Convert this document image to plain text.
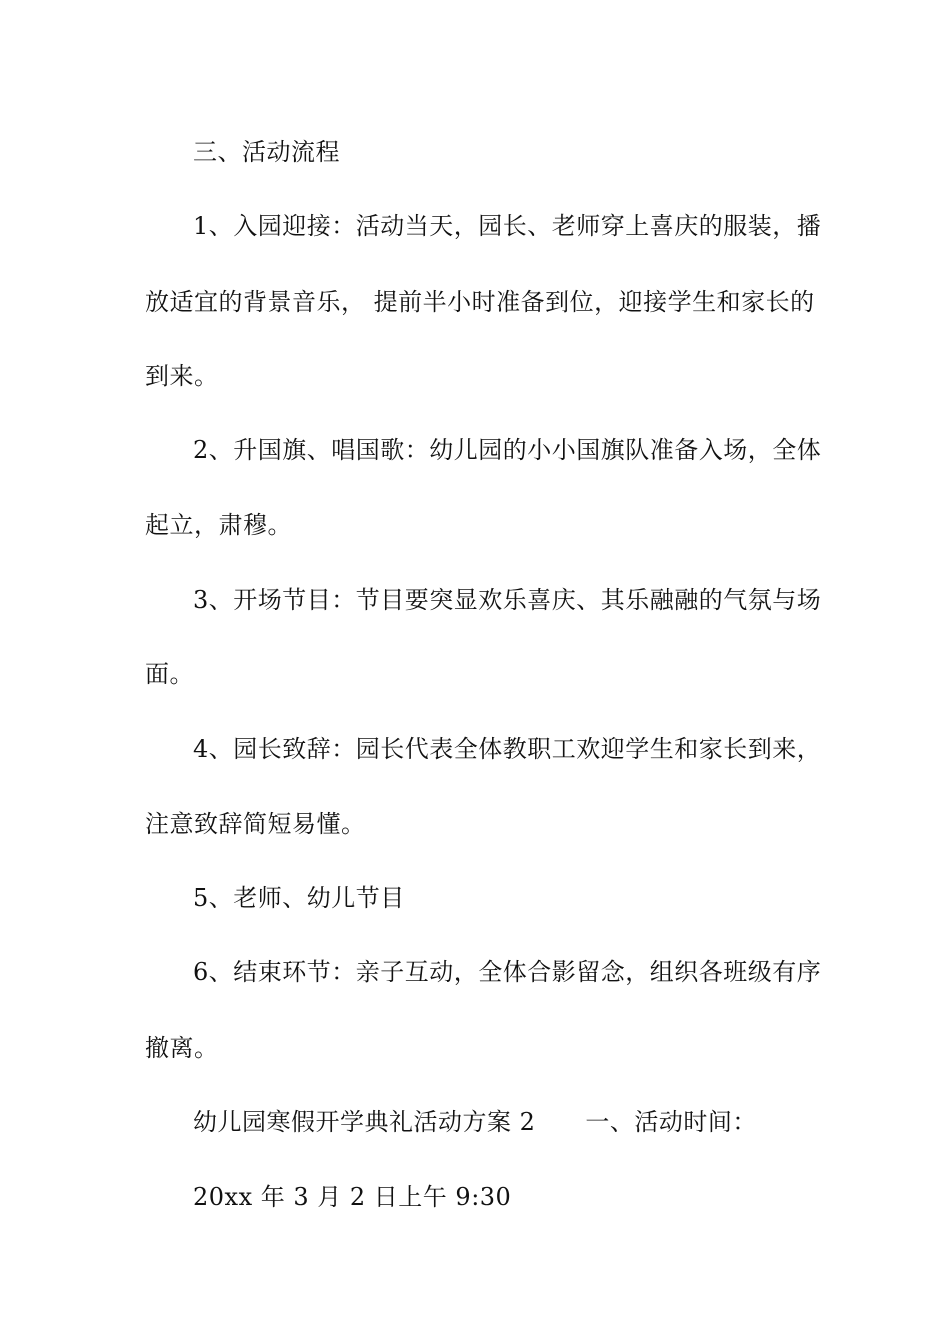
三、活动流程
1、入园迎接：活动当天，园长、老师穿上喜庆的服装，播
放适宜的背景音乐， 提前半小时准备到位，迎接学生和家长的
到来。
2、升国旗、唱国歌：幼儿园的小小国旗队准备入场，全体
起立，肃穆。
3、开场节目：节目要突显欢乐喜庆、其乐融融的气氛与场
面。
4、园长致辞：园长代表全体教职工欢迎学生和家长到来，
注意致辞简短易懂。
5、老师、幼儿节目
6、结束环节：亲子互动，全体合影留念，组织各班级有序
撤离。
幼儿园寒假开学典礼活动方案 2 一、活动时间：
20xx 年 3 月 2 日上午 9:30
